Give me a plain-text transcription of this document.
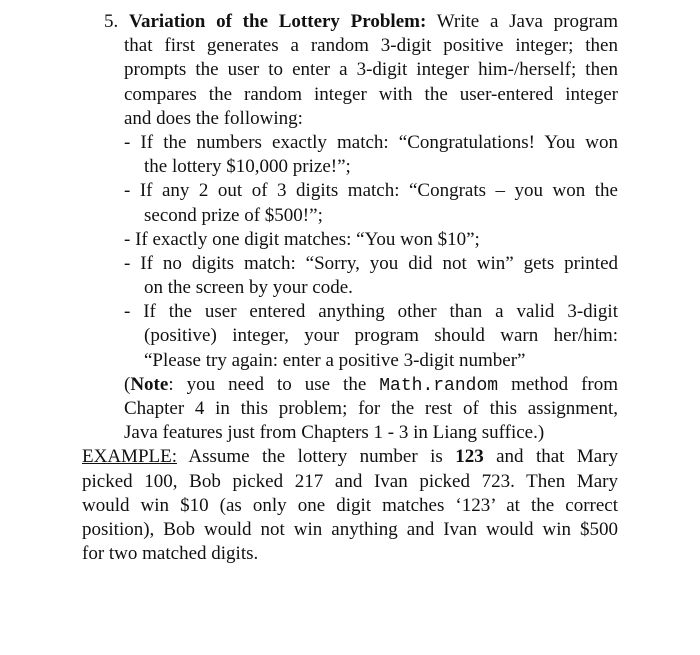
5. Variation of the Lottery Problem: Write a Java program
that first generates a random 3-digit positive integer; then
prompts the user to enter a 3-digit integer him-/herself; then
compares the random integer with the user-entered integer
and does the following:
- If the numbers exactly match: “Congratulations! You won
the lottery $10,000 prize!”;
- If any 2 out of 3 digits match: “Congrats – you won the
second prize of $500!”;
- If exactly one digit matches: “You won $10”;
- If no digits match: “Sorry, you did not win” gets printed
on the screen by your code.
- If the user entered anything other than a valid 3-digit
(positive) integer, your program should warn her/him:
“Please try again: enter a positive 3-digit number”
(Note: you need to use the Math.random method from
Chapter 4 in this problem; for the rest of this assignment,
Java features just from Chapters 1 - 3 in Liang suffice.)
EXAMPLE: Assume the lottery number is 123 and that Mary
picked 100, Bob picked 217 and Ivan picked 723. Then Mary
would win $10 (as only one digit matches ‘123’ at the correct
position), Bob would not win anything and Ivan would win $500
for two matched digits.
